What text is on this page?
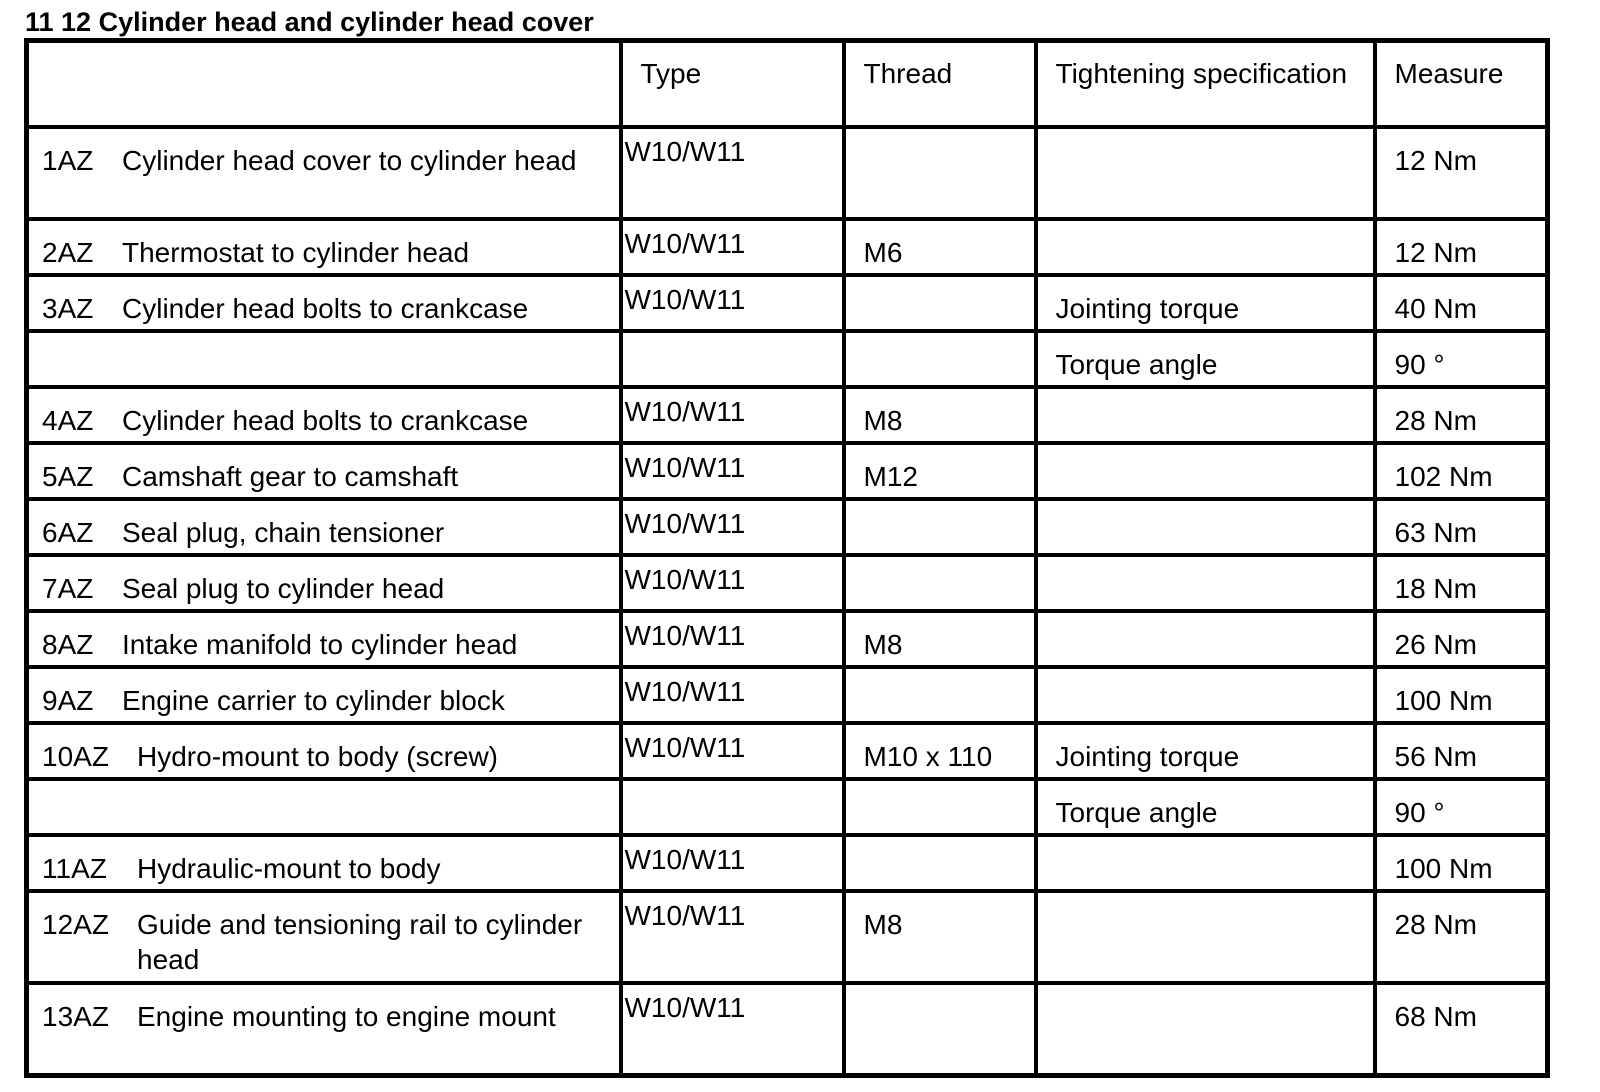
11 12 Cylinder head and cylinder head cover

	Type	Thread	Tightening specification	Measure

1AZ Cylinder head cover to cylinder head	W10/W11			12 Nm

2AZ Thermostat to cylinder head	W10/W11	M6		12 Nm

3AZ Cylinder head bolts to crankcase	W10/W11		Jointing torque	40 Nm

			Torque angle	90 °

4AZ Cylinder head bolts to crankcase	W10/W11	M8		28 Nm

5AZ Camshaft gear to camshaft	W10/W11	M12		102 Nm

6AZ Seal plug, chain tensioner	W10/W11			63 Nm

7AZ Seal plug to cylinder head	W10/W11			18 Nm

8AZ Intake manifold to cylinder head	W10/W11	M8		26 Nm

9AZ Engine carrier to cylinder block	W10/W11			100 Nm

10AZ Hydro-mount to body (screw)	W10/W11	M10 x 110	Jointing torque	56 Nm

			Torque angle	90 °

11AZ Hydraulic-mount to body	W10/W11			100 Nm

12AZ Guide and tensioning rail to cylinder head	W10/W11	M8		28 Nm

13AZ Engine mounting to engine mount	W10/W11			68 Nm
